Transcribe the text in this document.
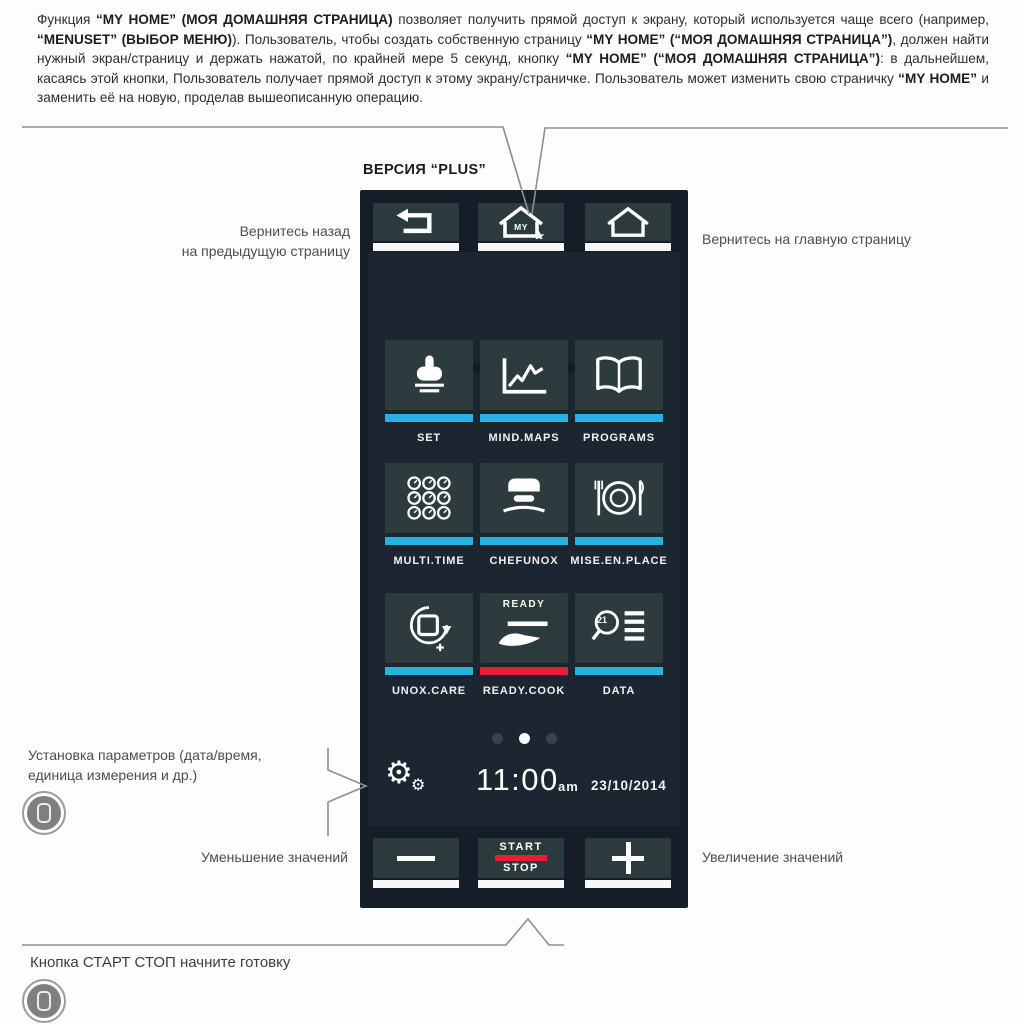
Функция “MY HOME” (МОЯ ДОМАШНЯЯ СТРАНИЦА) позволяет получить прямой доступ к экрану, который используется чаще всего (например, “MENUSET” (ВЫБОР МЕНЮ)). Пользователь, чтобы создать собственную страницу “MY HOME” (“МОЯ ДОМАШНЯЯ СТРАНИЦА”), должен найти нужный экран/страницу и держать нажатой, по крайней мере 5 секунд, кнопку “MY HOME” (“МОЯ ДОМАШНЯЯ СТРАНИЦА”): в дальнейшем, касаясь этой кнопки, Пользователь получает прямой доступ к этому экрану/страничке. Пользователь может изменить свою страничку “MY HOME” и заменить её на новую, проделав вышеописанную операцию.

ВЕРСИЯ “PLUS”
MY
SET	MIND.MAPS	PROGRAMS
MULTI.TIME	CHEFUNOX	MISE.EN.PLACE
READY
21
UNOX.CARE	READY.COOK	DATA
⚙
⚙ 11:00 am 23/10/2014
START
STOP
Вернитесь назад
на предыдущую страницу
Вернитесь на главную страницу
Установка параметров (дата/время,
единица измерения и др.)
Уменьшение значений	Увеличение значений
Кнопка СТАРТ СТОП начните готовку
